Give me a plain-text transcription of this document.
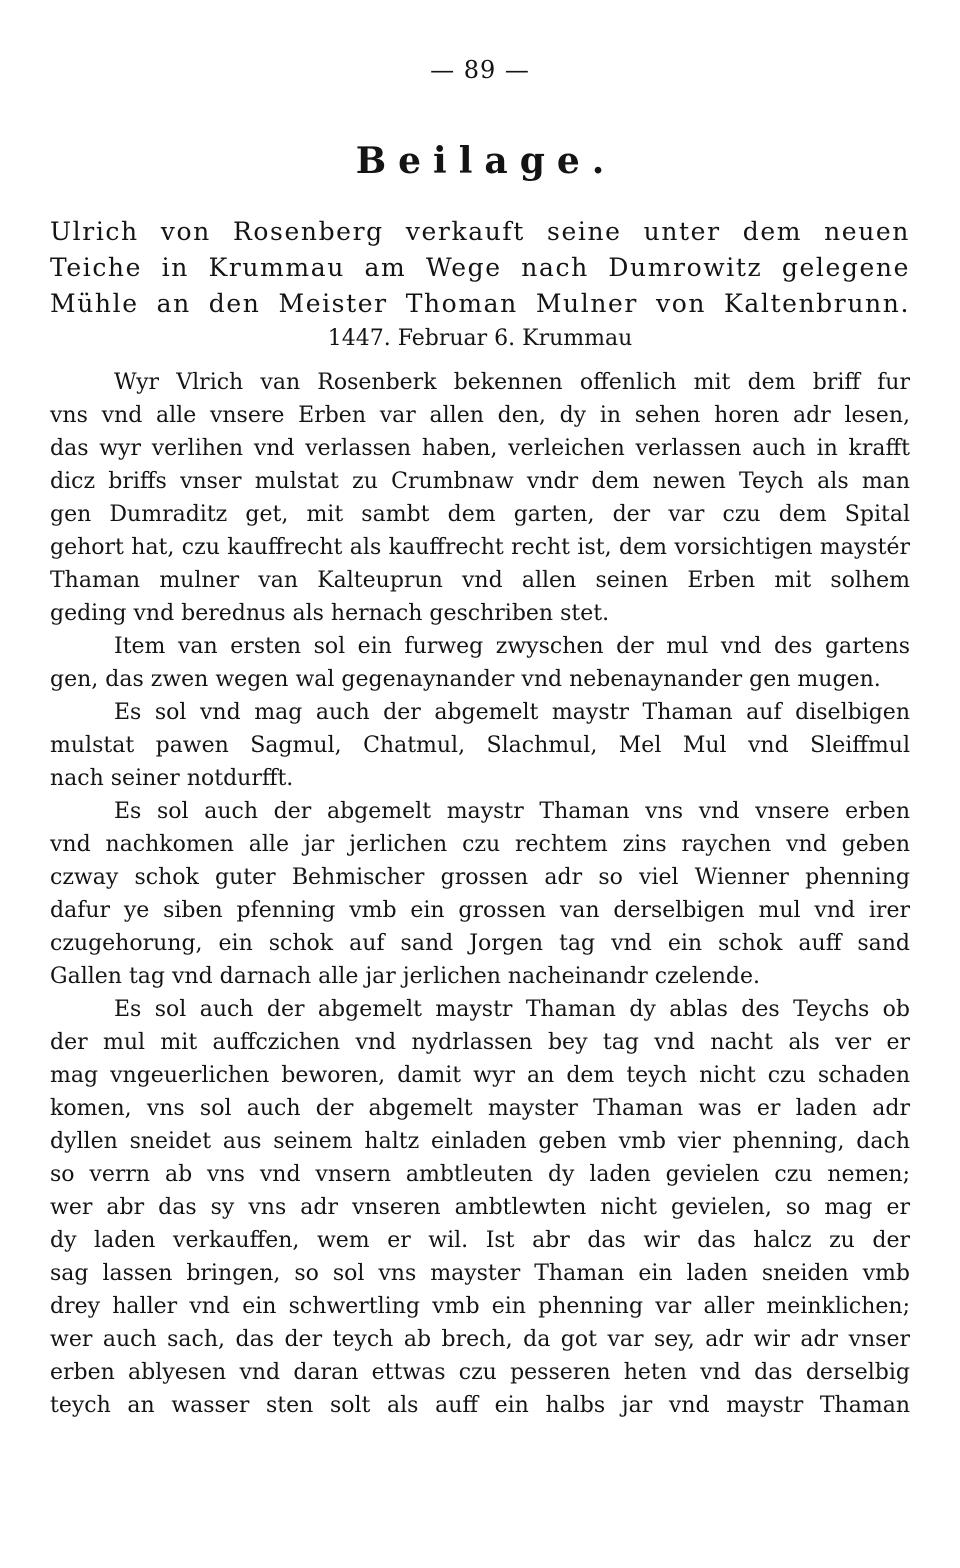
— 89 —
Beilage.
Ulrich von Rosenberg verkauft seine unter dem neuen
Teiche in Krummau am Wege nach Dumrowitz gelegene
Mühle an den Meister Thoman Mulner von Kaltenbrunn.
1447. Februar 6. Krummau
Wyr Vlrich van Rosenberk bekennen offenlich mit dem briff fur
vns vnd alle vnsere Erben var allen den, dy in sehen horen adr lesen,
das wyr verlihen vnd verlassen haben, verleichen verlassen auch in krafft
dicz briffs vnser mulstat zu Crumbnaw vndr dem newen Teych als man
gen Dumraditz get, mit sambt dem garten, der var czu dem Spital
gehort hat, czu kauffrecht als kauffrecht recht ist, dem vorsichtigen maystér
Thaman mulner van Kalteuprun vnd allen seinen Erben mit solhem
geding vnd berednus als hernach geschriben stet.
Item van ersten sol ein furweg zwyschen der mul vnd des gartens
gen, das zwen wegen wal gegenaynander vnd nebenaynander gen mugen.
Es sol vnd mag auch der abgemelt maystr Thaman auf diselbigen
mulstat pawen Sagmul, Chatmul, Slachmul, Mel Mul vnd Sleiffmul
nach seiner notdurfft.
Es sol auch der abgemelt maystr Thaman vns vnd vnsere erben
vnd nachkomen alle jar jerlichen czu rechtem zins raychen vnd geben
czway schok guter Behmischer grossen adr so viel Wienner phenning
dafur ye siben pfenning vmb ein grossen van derselbigen mul vnd irer
czugehorung, ein schok auf sand Jorgen tag vnd ein schok auff sand
Gallen tag vnd darnach alle jar jerlichen nacheinandr czelende.
Es sol auch der abgemelt maystr Thaman dy ablas des Teychs ob
der mul mit auffczichen vnd nydrlassen bey tag vnd nacht als ver er
mag vngeuerlichen beworen, damit wyr an dem teych nicht czu schaden
komen, vns sol auch der abgemelt mayster Thaman was er laden adr
dyllen sneidet aus seinem haltz einladen geben vmb vier phenning, dach
so verrn ab vns vnd vnsern ambtleuten dy laden gevielen czu nemen;
wer abr das sy vns adr vnseren ambtlewten nicht gevielen, so mag er
dy laden verkauffen, wem er wil. Ist abr das wir das halcz zu der
sag lassen bringen, so sol vns mayster Thaman ein laden sneiden vmb
drey haller vnd ein schwertling vmb ein phenning var aller meinklichen;
wer auch sach, das der teych ab brech, da got var sey, adr wir adr vnser
erben ablyesen vnd daran ettwas czu pesseren heten vnd das derselbig
teych an wasser sten solt als auff ein halbs jar vnd maystr Thaman
